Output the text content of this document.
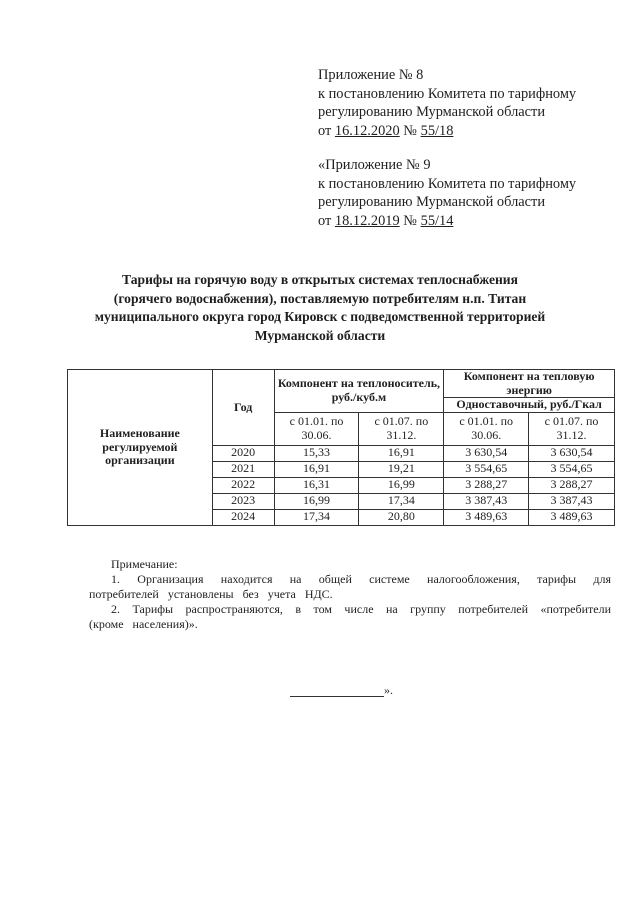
Приложение № 8
к постановлению Комитета по тарифному
регулированию Мурманской области
от 16.12.2020 № 55/18
«Приложение № 9
к постановлению Комитета по тарифному
регулированию Мурманской области
от 18.12.2019 № 55/14
Тарифы на горячую воду в открытых системах теплоснабжения
(горячего водоснабжения), поставляемую потребителям н.п. Титан
муниципального округа город Кировск с подведомственной территорией
Мурманской области
Наименование регулируемой организации	Год	Компонент на теплоноситель, руб./куб.м		Компонент на тепловую энергию	
				Одноставочный, руб./Гкал	
		с 01.01. по 30.06.	с 01.07. по 31.12.	с 01.01. по 30.06.	с 01.07. по 31.12.
	2020	15,33	16,91	3 630,54	3 630,54
	2021	16,91	19,21	3 554,65	3 554,65
	2022	16,31	16,99	3 288,27	3 288,27
	2023	16,99	17,34	3 387,43	3 387,43
	2024	17,34	20,80	3 489,63	3 489,63
Примечание:
1. Организация находится на общей системе налогообложения, тарифы для потребителей установлены без учета НДС.
2. Тарифы распространяются, в том числе на группу потребителей «потребители (кроме населения)».
».
